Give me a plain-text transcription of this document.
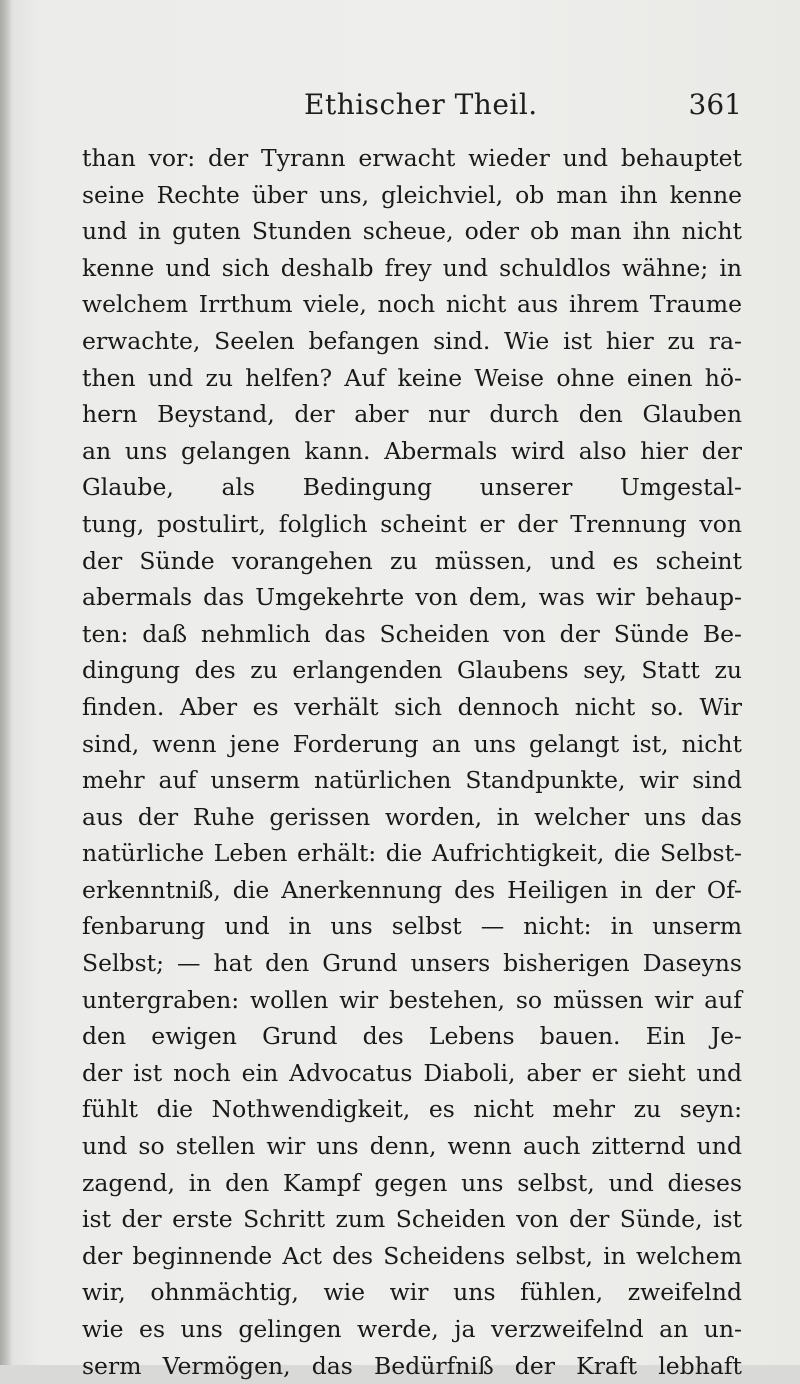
Ethischer Theil.	361
than vor: der Tyrann erwacht wieder und behauptet
seine Rechte über uns, gleichviel, ob man ihn kenne
und in guten Stunden scheue, oder ob man ihn nicht
kenne und sich deshalb frey und schuldlos wähne; in
welchem Irrthum viele, noch nicht aus ihrem Traume
erwachte, Seelen befangen sind. Wie ist hier zu ra-
then und zu helfen? Auf keine Weise ohne einen hö-
hern Beystand, der aber nur durch den Glauben
an uns gelangen kann. Abermals wird also hier der
Glaube, als Bedingung unserer Umgestal-
tung, postulirt, folglich scheint er der Trennung von
der Sünde vorangehen zu müssen, und es scheint
abermals das Umgekehrte von dem, was wir behaup-
ten: daß nehmlich das Scheiden von der Sünde Be-
dingung des zu erlangenden Glaubens sey, Statt zu
finden. Aber es verhält sich dennoch nicht so. Wir
sind, wenn jene Forderung an uns gelangt ist, nicht
mehr auf unserm natürlichen Standpunkte, wir sind
aus der Ruhe gerissen worden, in welcher uns das
natürliche Leben erhält: die Aufrichtigkeit, die Selbst-
erkenntniß, die Anerkennung des Heiligen in der Of-
fenbarung und in uns selbst — nicht: in unserm
Selbst; — hat den Grund unsers bisherigen Daseyns
untergraben: wollen wir bestehen, so müssen wir auf
den ewigen Grund des Lebens bauen. Ein Je-
der ist noch ein Advocatus Diaboli, aber er sieht und
fühlt die Nothwendigkeit, es nicht mehr zu seyn:
und so stellen wir uns denn, wenn auch zitternd und
zagend, in den Kampf gegen uns selbst, und dieses
ist der erste Schritt zum Scheiden von der Sünde, ist
der beginnende Act des Scheidens selbst, in welchem
wir, ohnmächtig, wie wir uns fühlen, zweifelnd
wie es uns gelingen werde, ja verzweifelnd an un-
serm Vermögen, das Bedürfniß der Kraft lebhaft
